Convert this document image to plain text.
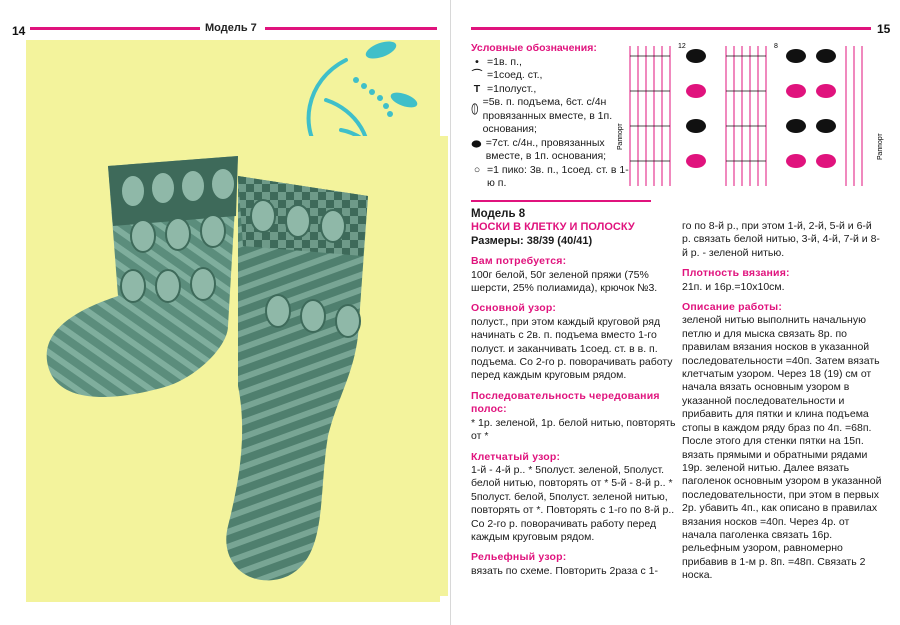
14	Модель 7	15
Условные обозначения:
• =1в. п.,
⌒ =1соед. ст.,
T =1полуст.,
=5в. п. подъема, 6ст. с/4н провязанных вместе, в 1п. основания;
=7ст. с/4н., провязанных вместе, в 1п. основания;
○ =1 пико: 3в. п., 1соед. ст. в 1-ю п.
Раппорт	Раппорт
12	8
Модель 8
НОСКИ В КЛЕТКУ И ПОЛОСКУ
Размеры: 38/39 (40/41)
Вам потребуется:

100г белой, 50г зеленой пряжи (75% шерсти, 25% полиамида), крючок №3.

Основной узор:

полуст., при этом каждый круговой ряд начинать с 2в. п. подъема вместо 1-го полуст. и заканчивать 1соед. ст. в в. п. подъема. Со 2-го р. поворачивать работу перед каждым круговым рядом.

Последовательность чередования полос:

* 1р. зеленой, 1р. белой нитью, повторять от *

Клетчатый узор:

1-й - 4-й р.. * 5полуст. зеленой, 5полуст. белой нитью, повторять от * 5-й - 8-й р.. * 5полуст. белой, 5полуст. зеленой нитью, повторять от *. Повторять с 1-го по 8-й р.. Со 2-го р. поворачивать работу перед каждым круговым рядом.

Рельефный узор:

вязать по схеме. Повторить 2раза с 1-

го по 8-й р., при этом 1-й, 2-й, 5-й и 6-й р. связать белой нитью, 3-й, 4-й, 7-й и 8-й р. - зеленой нитью.

Плотность вязания:

21п. и 16р.=10х10см.

Описание работы:

зеленой нитью выполнить начальную петлю и для мыска связать 8р. по правилам вязания носков в указанной последовательности =40п. Затем вязать клетчатым узором. Через 18 (19) см от начала вязать основным узором в указанной последовательности и прибавить для пятки и клина подъема стопы в каждом ряду браз по 4п. =68п. После этого для стенки пятки на 15п. вязать прямыми и обратными рядами 19р. зеленой нитью. Далее вязать паголенок основным узором в указанной последовательности, при этом в первых 2р. убавить 4п., как описано в правилах вязания носков =40п. Через 4р. от начала паголенка связать 16р. рельефным узором, равномерно прибавив в 1-м р. 8п. =48п. Связать 2 носка.
